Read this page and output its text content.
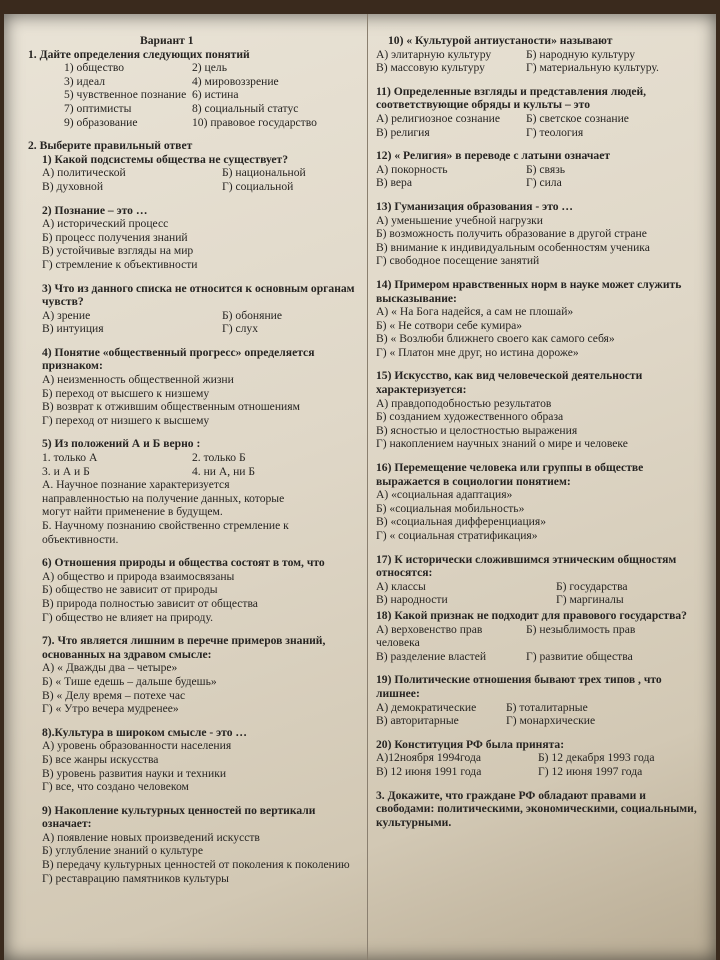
Вариант 1
1. Дайте определения следующих понятий
1) общество	2) цель
3) идеал	4) мировоззрение
5) чувственное познание 6) истина
7) оптимисты	8) социальный статус
9) образование	10) правовое государство
2. Выберите правильный ответ
1) Какой подсистемы общества не существует?
А) политической	Б) национальной
В) духовной	Г) социальной
2) Познание – это …
А) исторический процесс
Б) процесс получения знаний
В) устойчивые взгляды на мир
Г) стремление к объективности
3) Что из данного списка не относится к основным органам чувств?
А) зрение	Б) обоняние
В) интуиция	Г) слух
4) Понятие «общественный прогресс» определяется признаком:
А) неизменность общественной жизни
Б) переход от высшего к низшему
В) возврат к отжившим общественным отношениям
Г) переход от низшего к высшему
5) Из положений А и Б верно :
1. только А	2. только Б
3. и А и Б	4. ни А, ни Б
А. Научное познание характеризуется
направленностью на получение данных, которые
могут найти применение в будущем.
Б. Научному познанию свойственно стремление к
объективности.
6) Отношения природы и общества состоят в том, что
А) общество и природа взаимосвязаны
Б) общество не зависит от природы
В) природа полностью зависит от общества
Г) общество не влияет на природу.
7). Что является лишним в перечне примеров знаний, основанных на здравом смысле:
А) « Дважды два – четыре»
Б) « Тише едешь – дальше будешь»
В) « Делу время – потехе час
Г) « Утро вечера мудренее»
8).Культура в широком смысле - это …
А) уровень образованности населения
Б) все жанры искусства
В) уровень развития науки и техники
Г) все, что создано человеком
9) Накопление культурных ценностей по вертикали означает:
А) появление новых произведений искусств
Б) углубление знаний о культуре
В) передачу культурных ценностей от поколения к поколению
Г) реставрацию памятников культуры
10) « Культурой антиустаности» называют
А) элитарную культуру	Б) народную культуру
В) массовую культуру	Г) материальную культуру.
11) Определенные взгляды и представления людей, соответствующие обряды и культы – это
А) религиозное сознание	Б) светское сознание
В) религия	Г) теология
12) « Религия» в переводе с латыни означает
А) покорность	Б) связь
В) вера	Г) сила
13) Гуманизация образования - это …
А) уменьшение учебной нагрузки
Б) возможность получить образование в другой стране
В) внимание к индивидуальным особенностям ученика
Г) свободное посещение занятий
14) Примером нравственных норм в науке может служить высказывание:
А) « На Бога надейся, а сам не плошай»
Б) « Не сотвори себе кумира»
В) « Возлюби ближнего своего как самого себя»
Г) « Платон мне друг, но истина дороже»
15) Искусство, как вид человеческой деятельности характеризуется:
А) правдоподобностью результатов
Б) созданием художественного образа
В) ясностью и целостностью выражения
Г) накоплением научных знаний о мире и человеке
16) Перемещение человека или группы в обществе выражается в социологии понятием:
А) «социальная адаптация»
Б) «социальная мобильность»
В) «социальная дифференциация»
Г) « социальная стратификация»
17) К исторически сложившимся этническим общностям относятся:
А) классы	Б) государства
В) народности	Г) маргиналы
18) Какой признак не подходит для правового государства?
А) верховенство прав	Б) незыблимость прав
человека
В) разделение властей	Г) развитие общества
19) Политические отношения бывают трех типов , что лишнее:
А) демократические	Б) тоталитарные
В) авторитарные	Г) монархические
20) Конституция РФ была принята:
А)12ноября 1994года	Б) 12 декабря 1993 года
В) 12 июня 1991 года	Г) 12 июня 1997 года
3. Докажите, что граждане РФ обладают правами и свободами: политическими, экономическими, социальными, культурными.
